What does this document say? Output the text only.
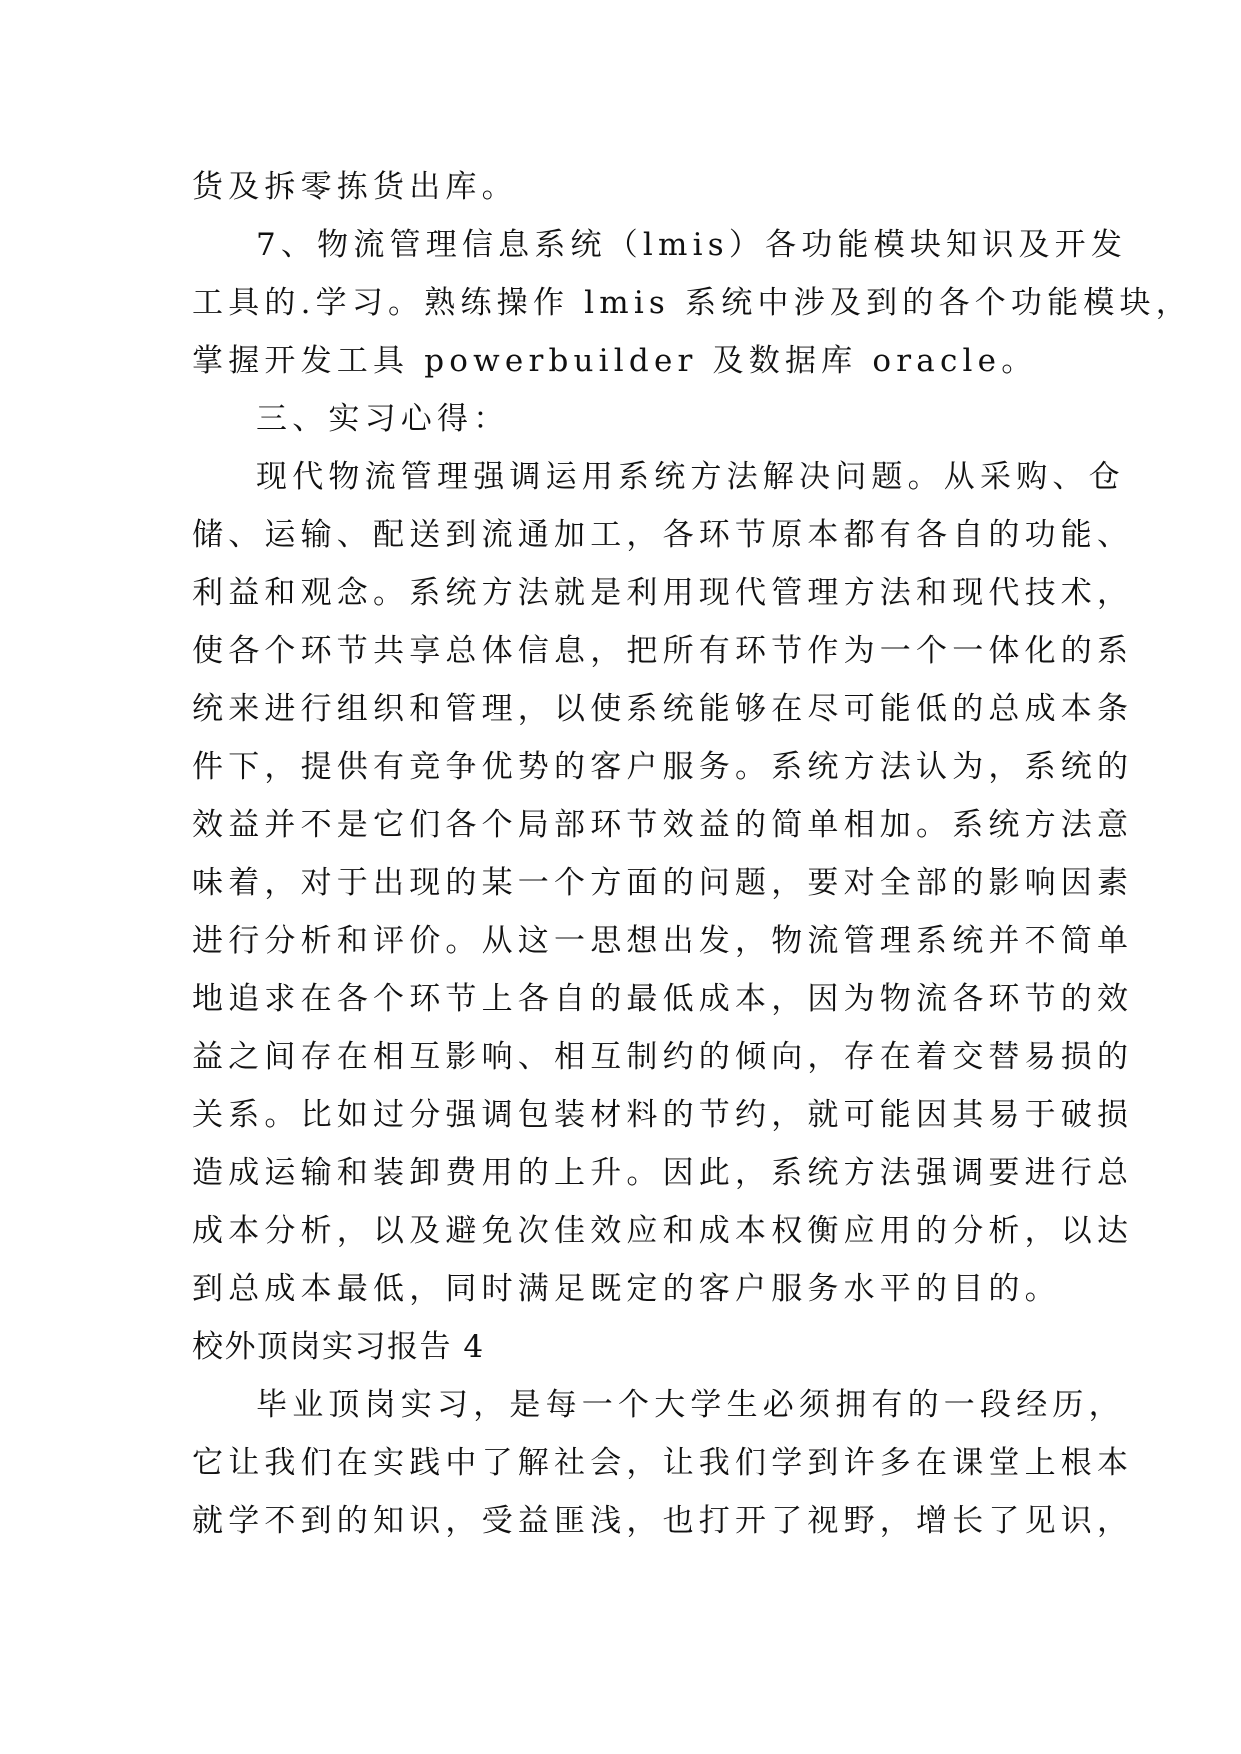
货及拆零拣货出库。
7、物流管理信息系统（lmis）各功能模块知识及开发
工具的.学习。熟练操作 lmis 系统中涉及到的各个功能模块，
掌握开发工具 powerbuilder 及数据库 oracle。
三、实习心得：
现代物流管理强调运用系统方法解决问题。从采购、仓
储、运输、配送到流通加工，各环节原本都有各自的功能、
利益和观念。系统方法就是利用现代管理方法和现代技术，
使各个环节共享总体信息，把所有环节作为一个一体化的系
统来进行组织和管理，以使系统能够在尽可能低的总成本条
件下，提供有竞争优势的客户服务。系统方法认为，系统的
效益并不是它们各个局部环节效益的简单相加。系统方法意
味着，对于出现的某一个方面的问题，要对全部的影响因素
进行分析和评价。从这一思想出发，物流管理系统并不简单
地追求在各个环节上各自的最低成本，因为物流各环节的效
益之间存在相互影响、相互制约的倾向，存在着交替易损的
关系。比如过分强调包装材料的节约，就可能因其易于破损
造成运输和装卸费用的上升。因此，系统方法强调要进行总
成本分析，以及避免次佳效应和成本权衡应用的分析，以达
到总成本最低，同时满足既定的客户服务水平的目的。
校外顶岗实习报告 4
毕业顶岗实习，是每一个大学生必须拥有的一段经历，
它让我们在实践中了解社会，让我们学到许多在课堂上根本
就学不到的知识，受益匪浅，也打开了视野，增长了见识，
